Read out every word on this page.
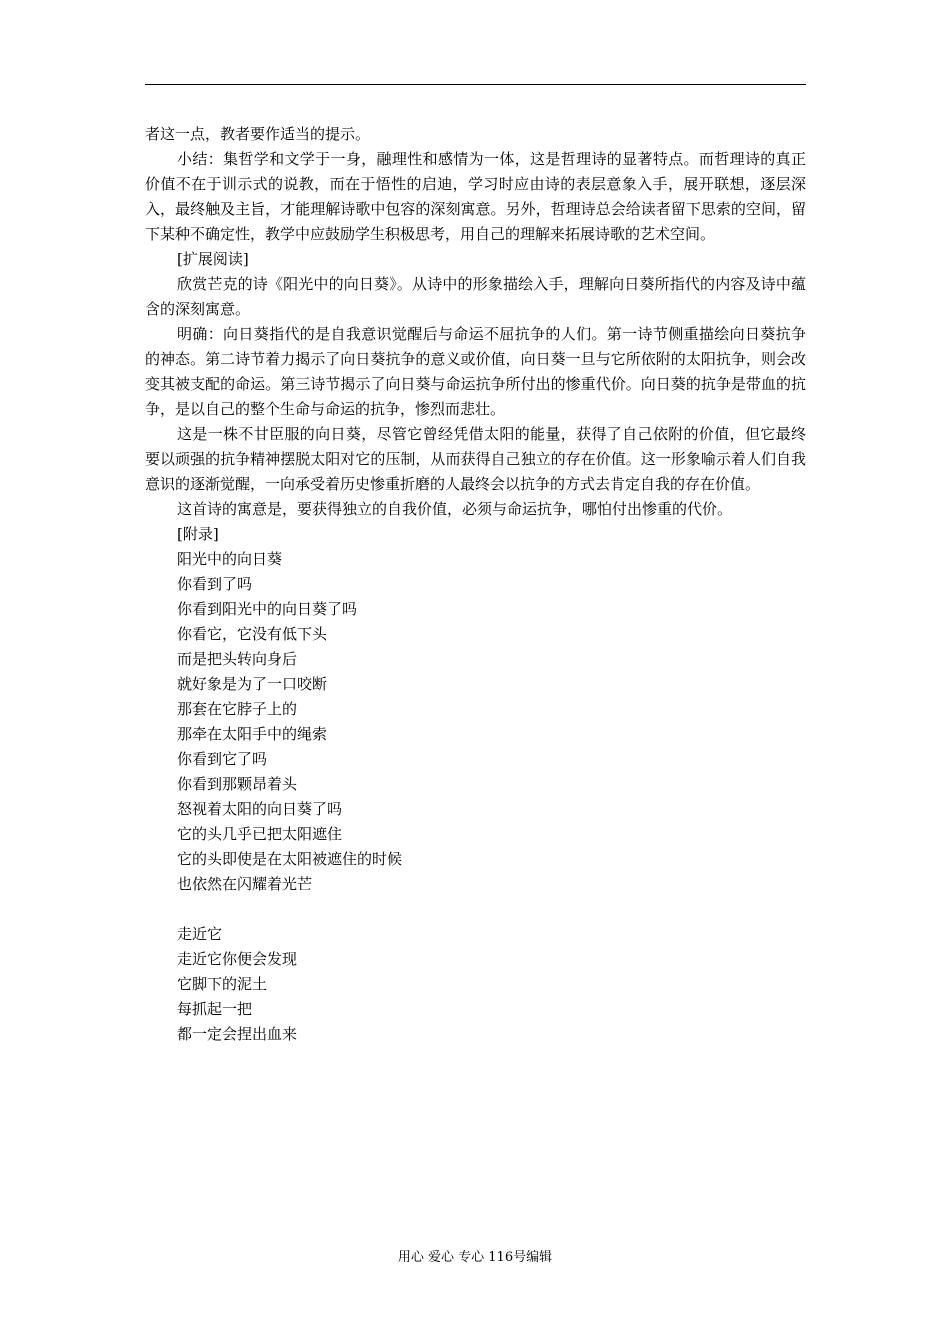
者这一点，教者要作适当的提示。

小结：集哲学和文学于一身，融理性和感情为一体，这是哲理诗的显著特点。而哲理诗的真正价值不在于训示式的说教，而在于悟性的启迪，学习时应由诗的表层意象入手，展开联想，逐层深入，最终触及主旨，才能理解诗歌中包容的深刻寓意。另外，哲理诗总会给读者留下思索的空间，留下某种不确定性，教学中应鼓励学生积极思考，用自己的理解来拓展诗歌的艺术空间。

[扩展阅读]

欣赏芒克的诗《阳光中的向日葵》。从诗中的形象描绘入手，理解向日葵所指代的内容及诗中蕴含的深刻寓意。

明确：向日葵指代的是自我意识觉醒后与命运不屈抗争的人们。第一诗节侧重描绘向日葵抗争的神态。第二诗节着力揭示了向日葵抗争的意义或价值，向日葵一旦与它所依附的太阳抗争，则会改变其被支配的命运。第三诗节揭示了向日葵与命运抗争所付出的惨重代价。向日葵的抗争是带血的抗争，是以自己的整个生命与命运的抗争，惨烈而悲壮。

这是一株不甘臣服的向日葵，尽管它曾经凭借太阳的能量，获得了自己依附的价值，但它最终要以顽强的抗争精神摆脱太阳对它的压制，从而获得自己独立的存在价值。这一形象喻示着人们自我意识的逐渐觉醒，一向承受着历史惨重折磨的人最终会以抗争的方式去肯定自我的存在价值。

这首诗的寓意是，要获得独立的自我价值，必须与命运抗争，哪怕付出惨重的代价。

[附录]

阳光中的向日葵
你看到了吗
你看到阳光中的向日葵了吗
你看它，它没有低下头
而是把头转向身后
就好象是为了一口咬断
那套在它脖子上的
那牵在太阳手中的绳索
你看到它了吗
你看到那颗昂着头
怒视着太阳的向日葵了吗
它的头几乎已把太阳遮住
它的头即使是在太阳被遮住的时候
也依然在闪耀着光芒
走近它
走近它你便会发现
它脚下的泥土
每抓起一把
都一定会捏出血来
用心 爱心 专心 116号编辑
